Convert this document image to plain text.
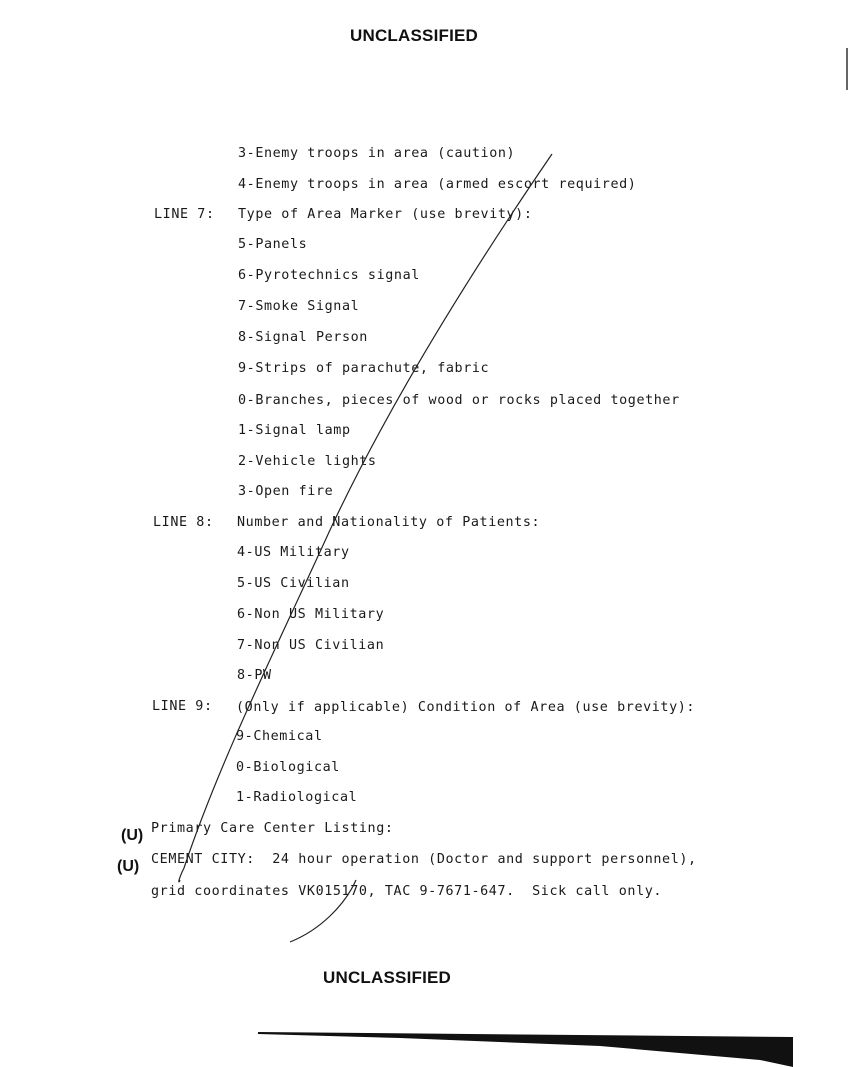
UNCLASSIFIED
3-Enemy troops in area (caution)
4-Enemy troops in area (armed escort required)
LINE 7: Type of Area Marker (use brevity):
5-Panels
6-Pyrotechnics signal
7-Smoke Signal
8-Signal Person
9-Strips of parachute, fabric
0-Branches, pieces of wood or rocks placed together
1-Signal lamp
2-Vehicle lights
3-Open fire
LINE 8: Number and Nationality of Patients:
4-US Military
5-US Civilian
6-Non US Military
7-Non US Civilian
8-PW
LINE 9: (Only if applicable) Condition of Area (use brevity):
9-Chemical
0-Biological
1-Radiological
(U) Primary Care Center Listing:
(U) CEMENT CITY:  24 hour operation (Doctor and support personnel),
grid coordinates VK015170, TAC 9-7671-647.  Sick call only.
UNCLASSIFIED
